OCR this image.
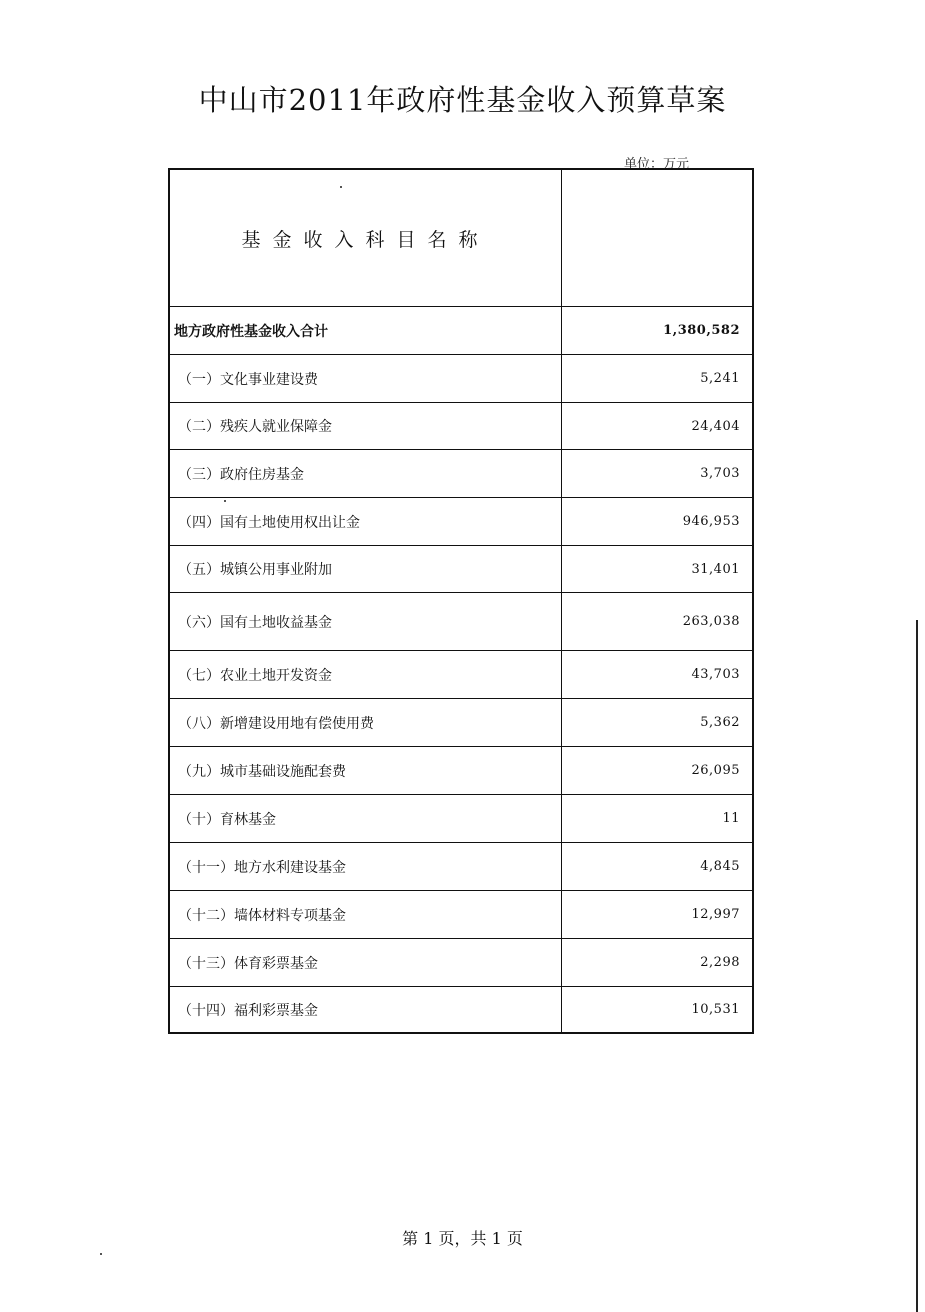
中山市2011年政府性基金收入预算草案
单位：万元
基金收入科目名称
地方政府性基金收入合计	1,380,582
（一）文化事业建设费	5,241
（二）残疾人就业保障金	24,404
（三）政府住房基金	3,703
（四）国有土地使用权出让金	946,953
（五）城镇公用事业附加	31,401
（六）国有土地收益基金	263,038
（七）农业土地开发资金	43,703
（八）新增建设用地有偿使用费	5,362
（九）城市基础设施配套费	26,095
（十）育林基金	11
（十一）地方水利建设基金	4,845
（十二）墙体材料专项基金	12,997
（十三）体育彩票基金	2,298
（十四）福利彩票基金	10,531
第 1 页，共 1 页
